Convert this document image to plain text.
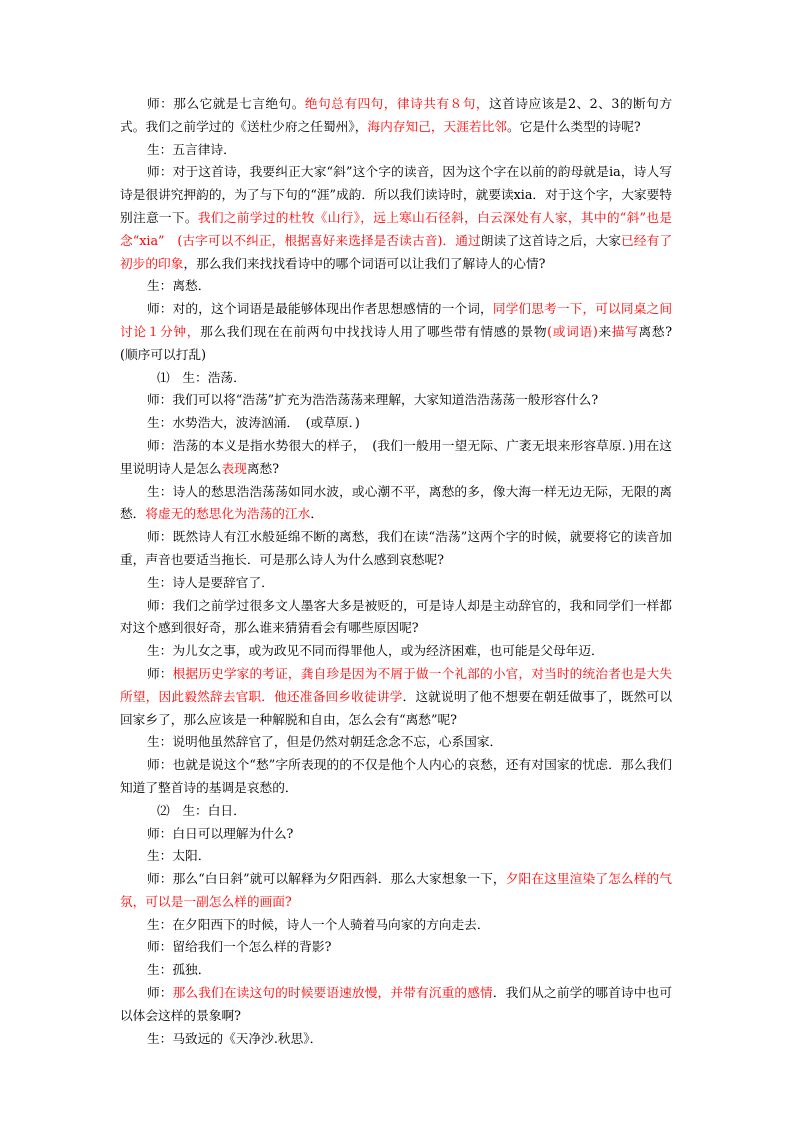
师：那么它就是七言绝句。绝句总有四句，律诗共有８句，这首诗应该是2、2、3的断句方式。我们之前学过的《送杜少府之任蜀州》，海内存知己，天涯若比邻。它是什么类型的诗呢?

生：五言律诗．

师：对于这首诗，我要纠正大家“斜”这个字的读音，因为这个字在以前的韵母就是ia，诗人写诗是很讲究押韵的，为了与下句的“涯”成韵．所以我们读诗时，就要读xia．对于这个字，大家要特别注意一下。我们之前学过的杜牧《山行》，远上寒山石径斜，白云深处有人家，其中的“斜”也是念“xia”　(古字可以不纠正，根据喜好来选择是否读古音)．通过朗读了这首诗之后，大家已经有了初步的印象，那么我们来找找看诗中的哪个词语可以让我们了解诗人的心情?

生：离愁．

师：对的，这个词语是最能够体现出作者思想感情的一个词，同学们思考一下，可以同桌之间讨论１分钟，那么我们现在在前两句中找找诗人用了哪些带有情感的景物(或词语)来描写离愁?　(顺序可以打乱)

⑴　生：浩荡．

师：我们可以将“浩荡”扩充为浩浩荡荡来理解，大家知道浩浩荡荡一般形容什么?

生：水势浩大，波涛汹涌．　(或草原．)

师：浩荡的本义是指水势很大的样子，　(我们一般用一望无际、广袤无垠来形容草原．)用在这里说明诗人是怎么表现离愁?

生：诗人的愁思浩浩荡荡如同水波，或心潮不平，离愁的多，像大海一样无边无际，无限的离愁．将虚无的愁思化为浩荡的江水．

师：既然诗人有江水般延绵不断的离愁，我们在读“浩荡”这两个字的时候，就要将它的读音加重，声音也要适当拖长．可是那么诗人为什么感到哀愁呢?

生：诗人是要辞官了．

师：我们之前学过很多文人墨客大多是被贬的，可是诗人却是主动辞官的，我和同学们一样都对这个感到很好奇，那么谁来猜猜看会有哪些原因呢?

生：为儿女之事，或为政见不同而得罪他人，或为经济困难，也可能是父母年迈．

师：根据历史学家的考证，龚自珍是因为不屑于做一个礼部的小官，对当时的统治者也是大失所望，因此毅然辞去官职．他还准备回乡收徒讲学．这就说明了他不想要在朝廷做事了，既然可以回家乡了，那么应该是一种解脱和自由，怎么会有“离愁”呢?

生：说明他虽然辞官了，但是仍然对朝廷念念不忘，心系国家．

师：也就是说这个“愁”字所表现的的不仅是他个人内心的哀愁，还有对国家的忧虑．那么我们知道了整首诗的基调是哀愁的．

⑵　生：白日．

师：白日可以理解为什么?

生：太阳．

师：那么“白日斜”就可以解释为夕阳西斜．那么大家想象一下，夕阳在这里渲染了怎么样的气氛，可以是一副怎么样的画面?

生：在夕阳西下的时候，诗人一个人骑着马向家的方向走去．

师：留给我们一个怎么样的背影?

生：孤独．

师：那么我们在读这句的时候要语速放慢，并带有沉重的感情．我们从之前学的哪首诗中也可以体会这样的景象啊?

生：马致远的《天净沙.秋思》．
